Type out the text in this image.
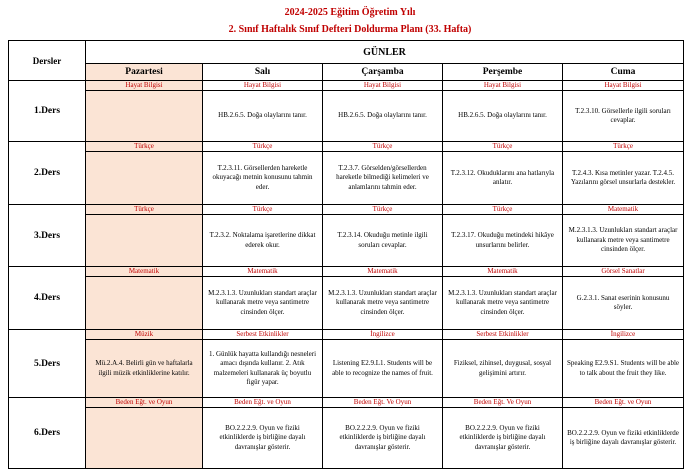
2024-2025 Eğitim Öğretim Yılı
2. Sınıf Haftalık Sınıf Defteri Doldurma Planı (33. Hafta)
Dersler	GÜNLER				
	Pazartesi	Salı	Çarşamba	Perşembe	Cuma
1.Ders	Hayat Bilgisi	Hayat Bilgisi	Hayat Bilgisi	Hayat Bilgisi	Hayat Bilgisi
		HB.2.6.5. Doğa olaylarını tanır.	HB.2.6.5. Doğa olaylarını tanır.	HB.2.6.5. Doğa olaylarını tanır.	T.2.3.10. Görsellerle ilgili soruları cevaplar.
2.Ders	Türkçe	Türkçe	Türkçe	Türkçe	Türkçe
		T.2.3.11. Görsellerden hareketle okuyacağı metnin konusunu tahmin eder.	T.2.3.7. Görselden/görsellerden hareketle bilmediği kelimeleri ve anlamlarını tahmin eder.	T.2.3.12. Okuduklarını ana hatlarıyla anlatır.	T.2.4.3. Kısa metinler yazar. T.2.4.5. Yazılarını görsel unsurlarla destekler.
3.Ders	Türkçe	Türkçe	Türkçe	Türkçe	Matematik
		T.2.3.2. Noktalama işaretlerine dikkat ederek okur.	T.2.3.14. Okuduğu metinle ilgili soruları cevaplar.	T.2.3.17. Okuduğu metindeki hikâye unsurlarını belirler.	M.2.3.1.3. Uzunlukları standart araçlar kullanarak metre veya santimetre cinsinden ölçer.
4.Ders	Matematik	Matematik	Matematik	Matematik	Görsel Sanatlar
		M.2.3.1.3. Uzunlukları standart araçlar kullanarak metre veya santimetre cinsinden ölçer.	M.2.3.1.3. Uzunlukları standart araçlar kullanarak metre veya santimetre cinsinden ölçer.	M.2.3.1.3. Uzunlukları standart araçlar kullanarak metre veya santimetre cinsinden ölçer.	G.2.3.1. Sanat eserinin konusunu söyler.
5.Ders	Müzik	Serbest Etkinlikler	İngilizce	Serbest Etkinlikler	İngilizce
	Mü.2.A.4. Belirli gün ve haftalarla ilgili müzik etkinliklerine katılır.	1. Günlük hayatta kullandığı nesneleri amacı dışında kullanır. 2. Atık malzemeleri kullanarak üç boyutlu figür yapar.	Listening E2.9.L1. Students will be able to recognize the names of fruit.	Fiziksel, zihinsel, duygusal, sosyal gelişimini artırır.	Speaking E2.9.S1. Students will be able to talk about the fruit they like.
6.Ders	Beden Eğt. ve Oyun	Beden Eğt. ve Oyun	Beden Eğt. Ve Oyun	Beden Eğt. Ve Oyun	Beden Eğt. ve Oyun
		BO.2.2.2.9. Oyun ve fiziki etkinliklerde iş birliğine dayalı davranışlar gösterir.	BO.2.2.2.9. Oyun ve fiziki etkinliklerde iş birliğine dayalı davranışlar gösterir.	BO.2.2.2.9. Oyun ve fiziki etkinliklerde iş birliğine dayalı davranışlar gösterir.	BO.2.2.2.9. Oyun ve fiziki etkinliklerde iş birliğine dayalı davranışlar gösterir.
